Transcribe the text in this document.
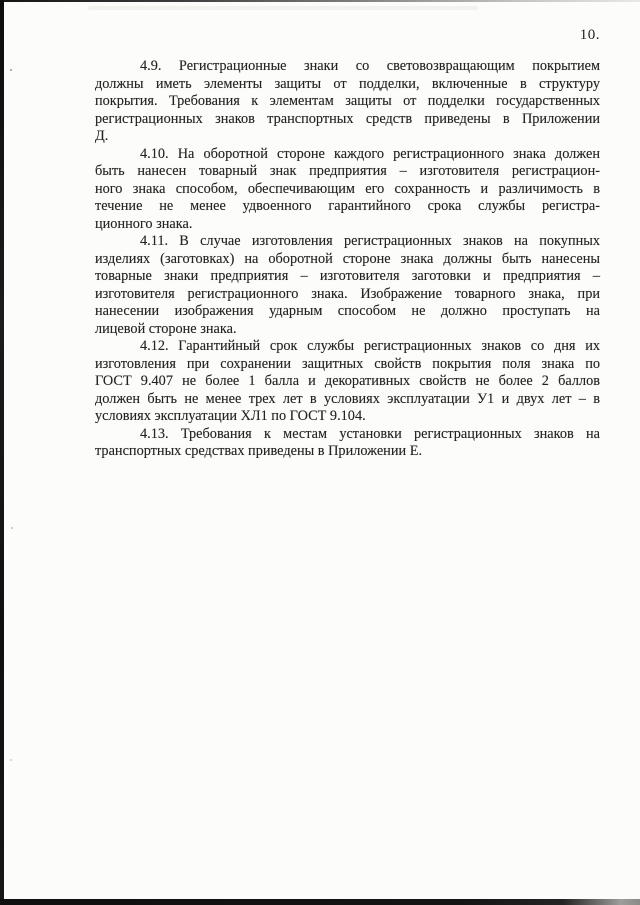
10.
4.9. Регистрационные знаки со световозвращающим покрытием
должны иметь элементы защиты от подделки, включенные в структуру
покрытия. Требования к элементам защиты от подделки государственных
регистрационных знаков транспортных средств приведены в Приложении
Д.
4.10. На оборотной стороне каждого регистрационного знака должен
быть нанесен товарный знак предприятия – изготовителя регистрацион-
ного знака способом, обеспечивающим его сохранность и различимость в
течение не менее удвоенного гарантийного срока службы регистра-
ционного знака.
4.11. В случае изготовления регистрационных знаков на покупных
изделиях (заготовках) на оборотной стороне знака должны быть нанесены
товарные знаки предприятия – изготовителя заготовки и предприятия –
изготовителя регистрационного знака. Изображение товарного знака, при
нанесении изображения ударным способом не должно проступать на
лицевой стороне знака.
4.12. Гарантийный срок службы регистрационных знаков со дня их
изготовления при сохранении защитных свойств покрытия поля знака по
ГОСТ 9.407 не более 1 балла и декоративных свойств не более 2 баллов
должен быть не менее трех лет в условиях эксплуатации У1 и двух лет – в
условиях эксплуатации ХЛ1 по ГОСТ 9.104.
4.13. Требования к местам установки регистрационных знаков на
транспортных средствах приведены в Приложении Е.
